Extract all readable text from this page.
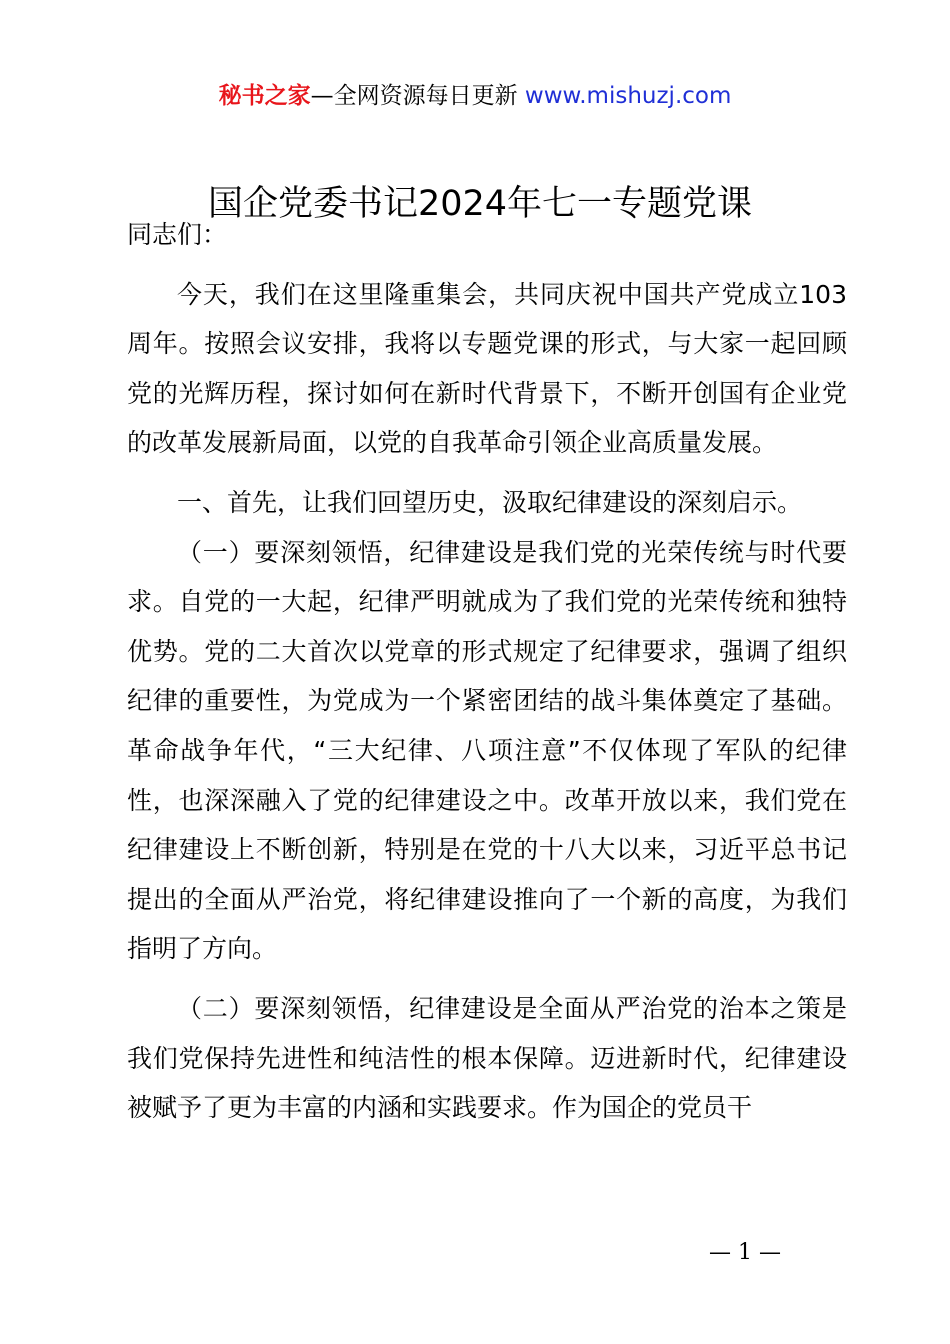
秘书之家—全网资源每日更新 www.mishuzj.com
国企党委书记2024年七一专题党课

同志们：

今天，我们在这里隆重集会，共同庆祝中国共产党成立103周年。按照会议安排，我将以专题党课的形式，与大家一起回顾党的光辉历程，探讨如何在新时代背景下，不断开创国有企业党的改革发展新局面，以党的自我革命引领企业高质量发展。

一、首先，让我们回望历史，汲取纪律建设的深刻启示。

（一）要深刻领悟，纪律建设是我们党的光荣传统与时代要求。自党的一大起，纪律严明就成为了我们党的光荣传统和独特优势。党的二大首次以党章的形式规定了纪律要求，强调了组织纪律的重要性，为党成为一个紧密团结的战斗集体奠定了基础。革命战争年代，“三大纪律、八项注意”不仅体现了军队的纪律性，也深深融入了党的纪律建设之中。改革开放以来，我们党在纪律建设上不断创新，特别是在党的十八大以来，习近平总书记提出的全面从严治党，将纪律建设推向了一个新的高度，为我们指明了方向。

（二）要深刻领悟，纪律建设是全面从严治党的治本之策是我们党保持先进性和纯洁性的根本保障。迈进新时代，纪律建设被赋予了更为丰富的内涵和实践要求。作为国企的党员干

— 1 —
